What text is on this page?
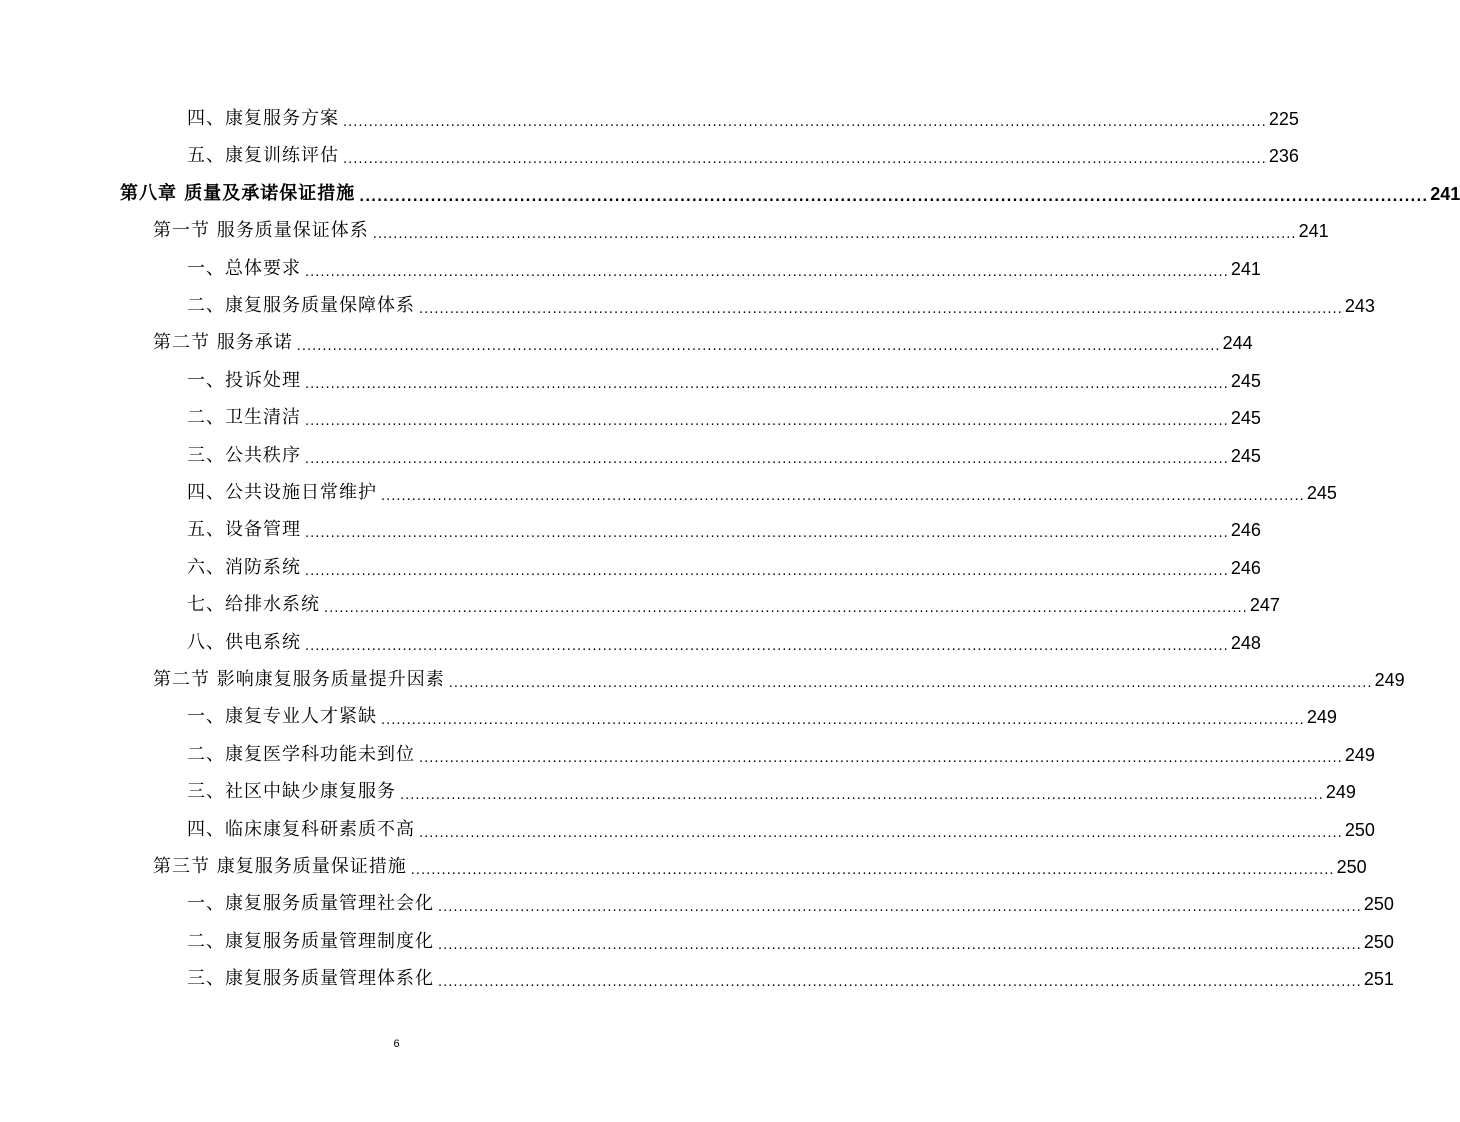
四、康复服务方案 .................................................................................................................................................................................... 225
五、康复训练评估 .................................................................................................................................................................................... 236
第八章 质量及承诺保证措施 .................................................................................................................................................................................... 241
第一节 服务质量保证体系 .................................................................................................................................................................................... 241
一、总体要求 .................................................................................................................................................................................... 241
二、康复服务质量保障体系 .................................................................................................................................................................................... 243
第二节 服务承诺 .................................................................................................................................................................................... 244
一、投诉处理 .................................................................................................................................................................................... 245
二、卫生清洁 .................................................................................................................................................................................... 245
三、公共秩序 .................................................................................................................................................................................... 245
四、公共设施日常维护 .................................................................................................................................................................................... 245
五、设备管理 .................................................................................................................................................................................... 246
六、消防系统 .................................................................................................................................................................................... 246
七、给排水系统 .................................................................................................................................................................................... 247
八、供电系统 .................................................................................................................................................................................... 248
第二节 影响康复服务质量提升因素 .................................................................................................................................................................................... 249
一、康复专业人才紧缺 .................................................................................................................................................................................... 249
二、康复医学科功能未到位 .................................................................................................................................................................................... 249
三、社区中缺少康复服务 .................................................................................................................................................................................... 249
四、临床康复科研素质不高 .................................................................................................................................................................................... 250
第三节 康复服务质量保证措施 .................................................................................................................................................................................... 250
一、康复服务质量管理社会化 .................................................................................................................................................................................... 250
二、康复服务质量管理制度化 .................................................................................................................................................................................... 250
三、康复服务质量管理体系化 .................................................................................................................................................................................... 251
6
